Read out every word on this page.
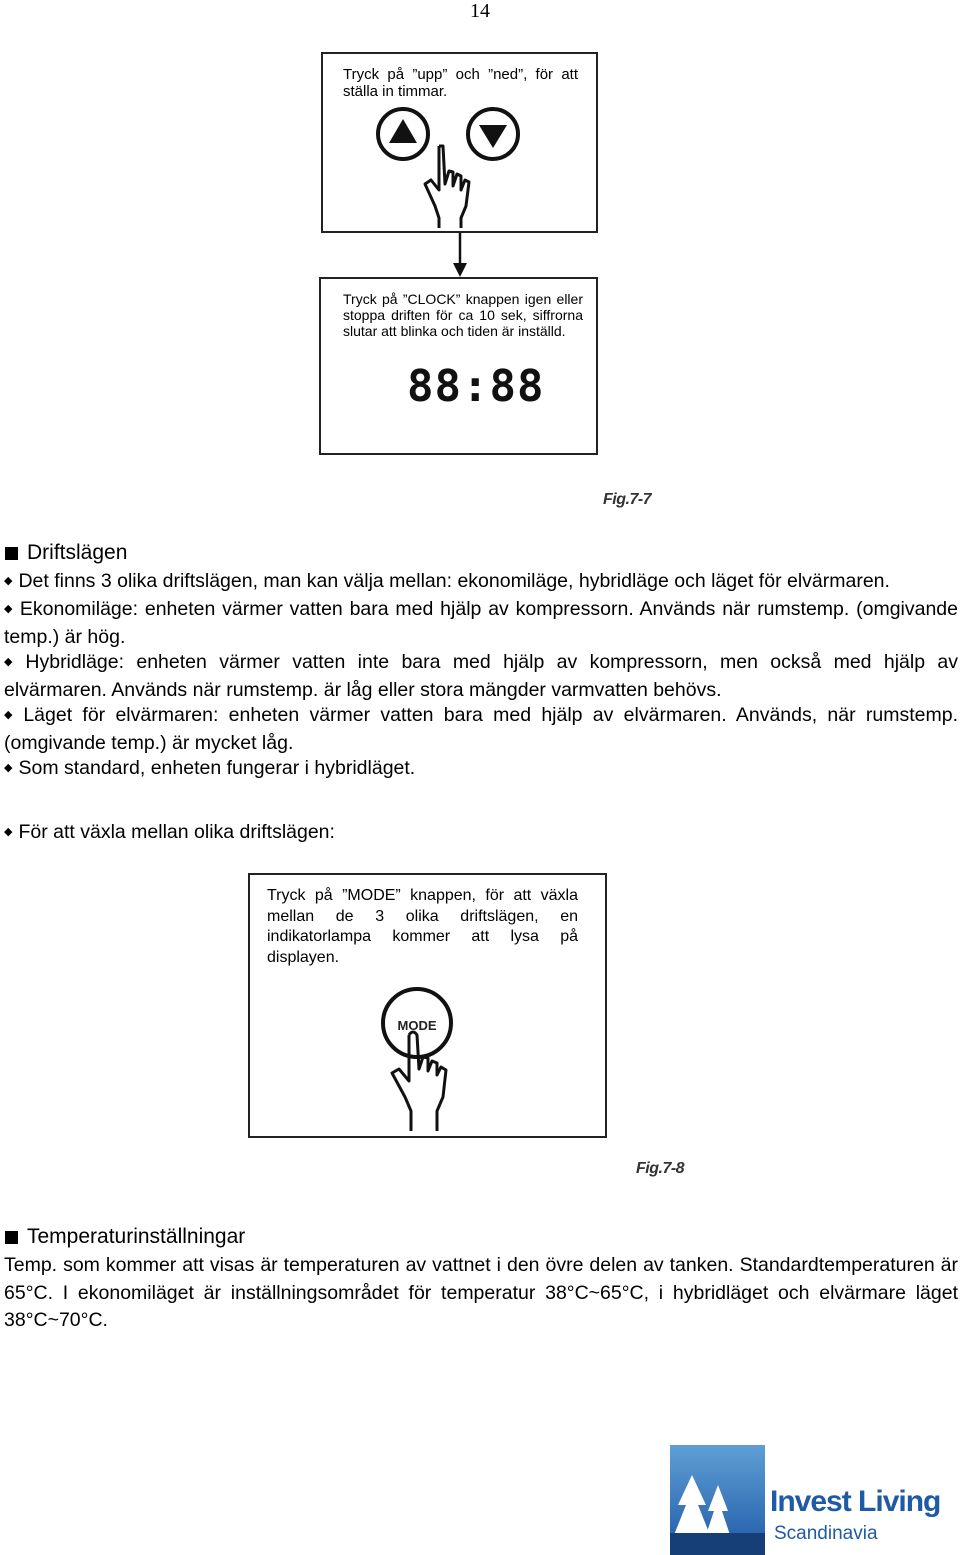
14
Tryck på ”upp” och ”ned”, för att ställa in timmar.
Tryck på ”CLOCK” knappen igen eller stoppa driften för ca 10 sek, siffrorna slutar att blinka och tiden är inställd.
88:88
Fig.7-7
Driftslägen
◆ Det finns 3 olika driftslägen, man kan välja mellan: ekonomiläge, hybridläge och läget för elvärmaren.
◆ Ekonomiläge: enheten värmer vatten bara med hjälp av kompressorn. Används när rumstemp. (omgivande temp.) är hög.
◆ Hybridläge: enheten värmer vatten inte bara med hjälp av kompressorn, men också med hjälp av elvärmaren. Används när rumstemp. är låg eller stora mängder varmvatten behövs.
◆ Läget för elvärmaren: enheten värmer vatten bara med hjälp av elvärmaren. Används, när rumstemp. (omgivande temp.) är mycket låg.
◆ Som standard, enheten fungerar i hybridläget.
◆ För att växla mellan olika driftslägen:
Tryck på ”MODE” knappen, för att växla mellan de 3 olika driftslägen, en indikatorlampa kommer att lysa på displayen.
MODE
Fig.7-8
Temperaturinställningar
Temp. som kommer att visas är temperaturen av vattnet i den övre delen av tanken. Standardtemperaturen är 65°C. I ekonomiläget är inställningsområdet för temperatur 38°C~65°C, i hybridläget och elvärmare läget 38°C~70°C.
Invest Living
Scandinavia
